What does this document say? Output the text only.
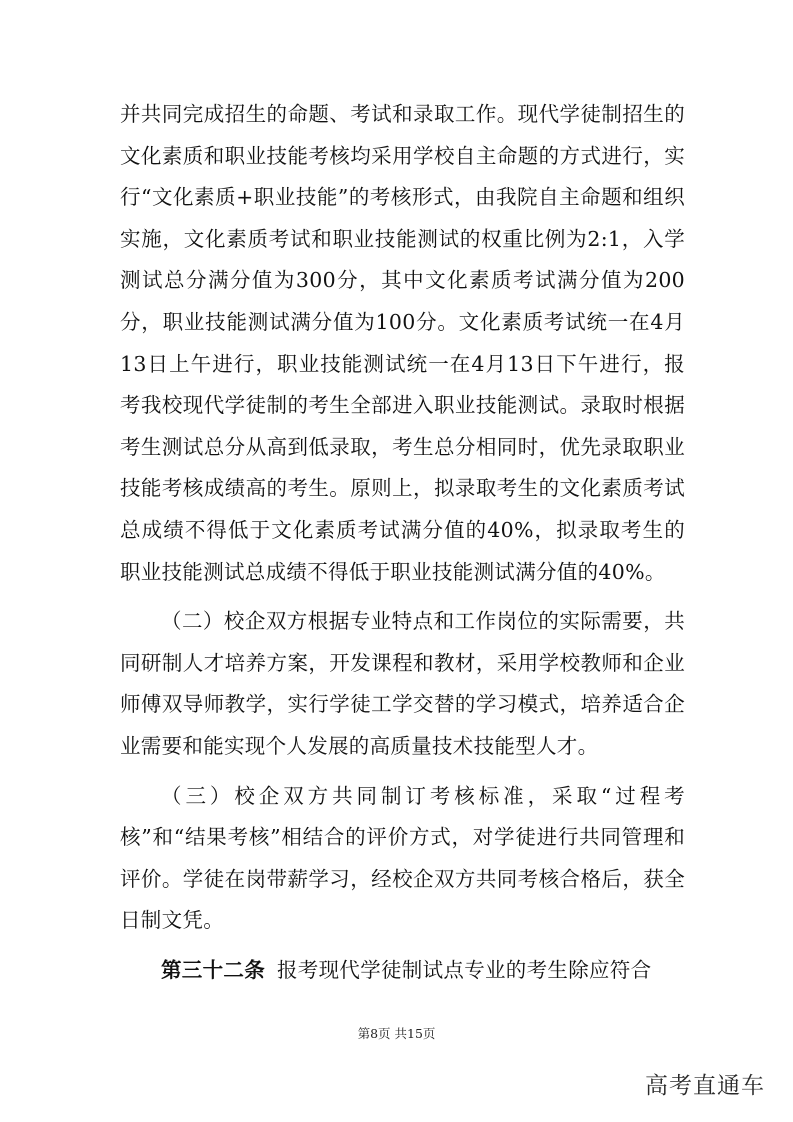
并共同完成招生的命题、考试和录取工作。现代学徒制招生的文化素质和职业技能考核均采用学校自主命题的方式进行，实行“文化素质+职业技能”的考核形式，由我院自主命题和组织实施，文化素质考试和职业技能测试的权重比例为2:1，入学测试总分满分值为300分，其中文化素质考试满分值为200分，职业技能测试满分值为100分。文化素质考试统一在4月13日上午进行，职业技能测试统一在4月13日下午进行，报考我校现代学徒制的考生全部进入职业技能测试。录取时根据考生测试总分从高到低录取，考生总分相同时，优先录取职业技能考核成绩高的考生。原则上，拟录取考生的文化素质考试总成绩不得低于文化素质考试满分值的40%，拟录取考生的职业技能测试总成绩不得低于职业技能测试满分值的40%。

（二）校企双方根据专业特点和工作岗位的实际需要，共同研制人才培养方案，开发课程和教材，采用学校教师和企业师傅双导师教学，实行学徒工学交替的学习模式，培养适合企业需要和能实现个人发展的高质量技术技能型人才。

（三）校企双方共同制订考核标准，采取“过程考核”和“结果考核”相结合的评价方式，对学徒进行共同管理和评价。学徒在岗带薪学习，经校企双方共同考核合格后，获全日制文凭。

第三十二条 报考现代学徒制试点专业的考生除应符合

第8页 共15页
高考直通车
